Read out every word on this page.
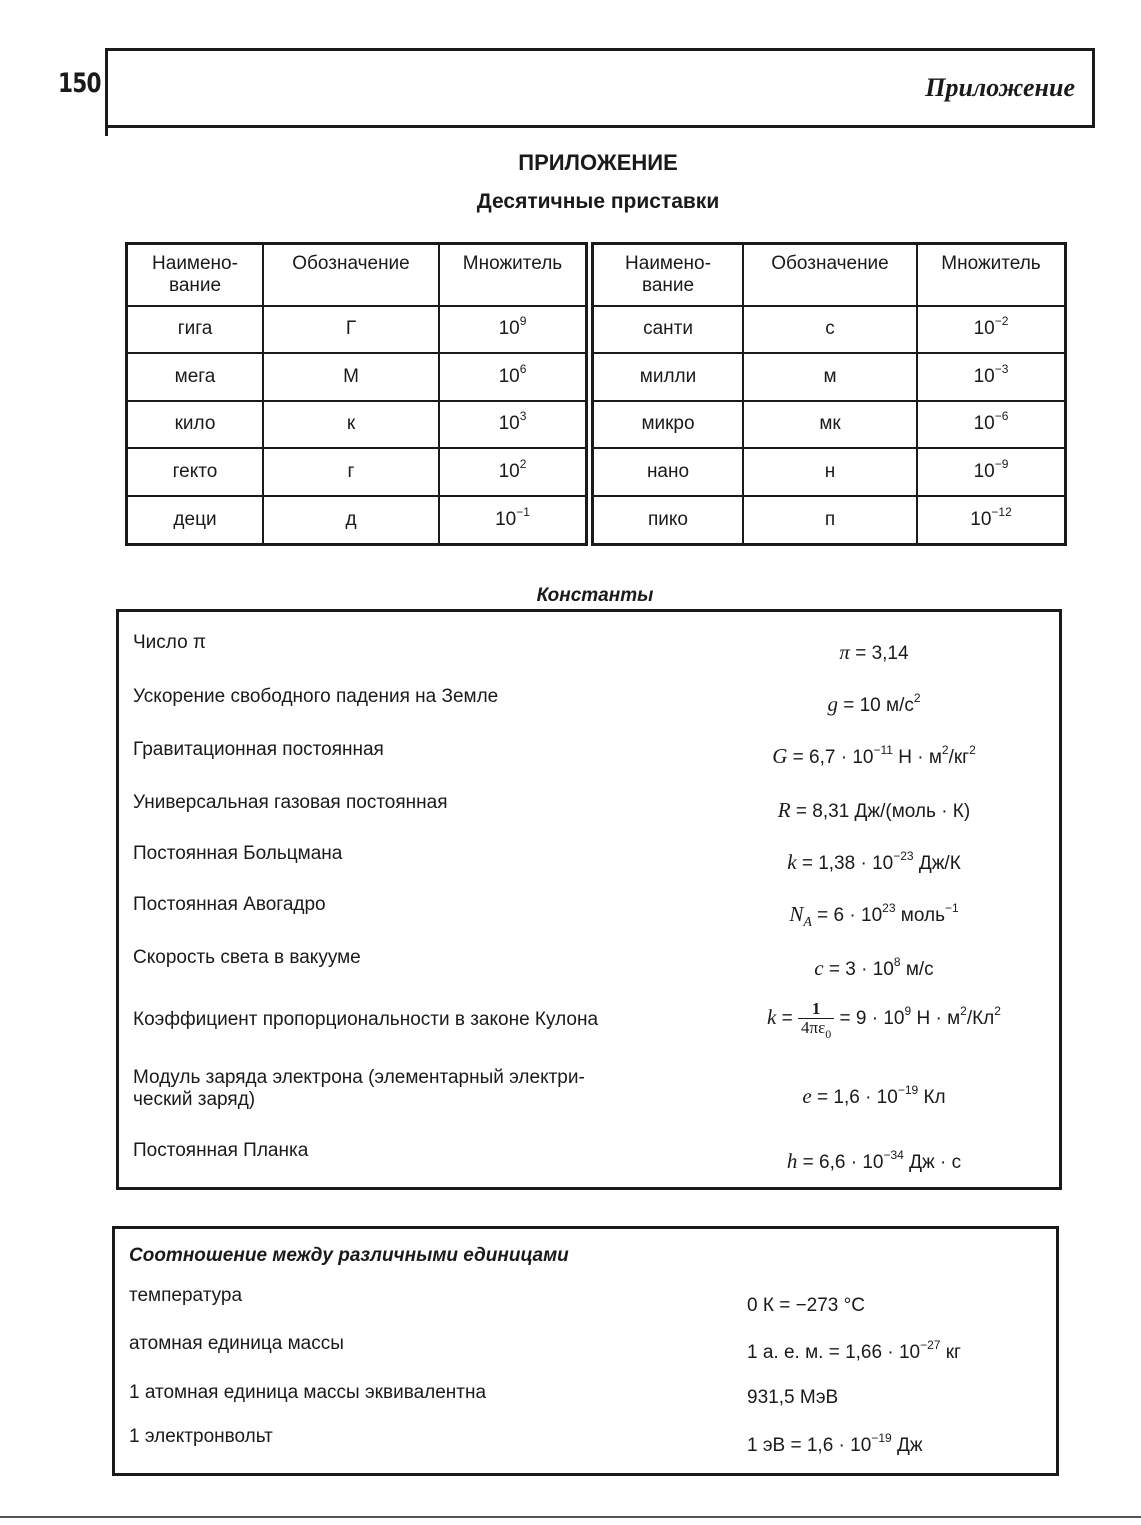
150	Приложение
ПРИЛОЖЕНИЕ
Десятичные приставки
Наимено-
вание	Обозначение	Множитель
гига	Г	$10^9$
мега	М	$10^6$
кило	к	$10^3$
гекто	г	$10^2$
деци	д	$10^{-1}$
Наимено-
вание	Обозначение	Множитель
санти	с	$10^{-2}$
милли	м	$10^{-3}$
микро	мк	$10^{-6}$
нано	н	$10^{-9}$
пико	п	$10^{-12}$
Константы
Число π	π = 3,14
Ускорение свободного падения на Земле	g = 10 $м/с^2$
Гравитационная постоянная	$G = 6,7 \cdot 10^{-11}$ $Н \cdot м^2/кг^2$
Универсальная газовая постоянная	R = 8,31 Дж/(моль · К)
Постоянная Больцмана	$k = 1,38 \cdot 10^{-23}$ Дж/К
Постоянная Авогадро	$N_A = 6 \cdot 10^{23}$ моль$^{-1}$
Скорость света в вакууме	$c = 3 \cdot 10^8$ м/с
Коэффициент пропорциональности в законе Кулона	$k = \frac{1}{4\pi\varepsilon_0} = 9 \cdot 10^9$ $Н \cdot м^2/Кл^2$
Модуль заряда электрона (элементарный электри-
ческий заряд)	$e = 1,6 \cdot 10^{-19}$ Кл
Постоянная Планка	$h = 6,6 \cdot 10^{-34}$ Дж · с
Соотношение между различными единицами
температура	0 К = −273 °С
атомная единица массы	1 а. е. м. = $1,66 \cdot 10^{-27}$ кг
1 атомная единица массы эквивалентна	931,5 МэВ
1 электронвольт	1 эВ = $1,6 \cdot 10^{-19}$ Дж
